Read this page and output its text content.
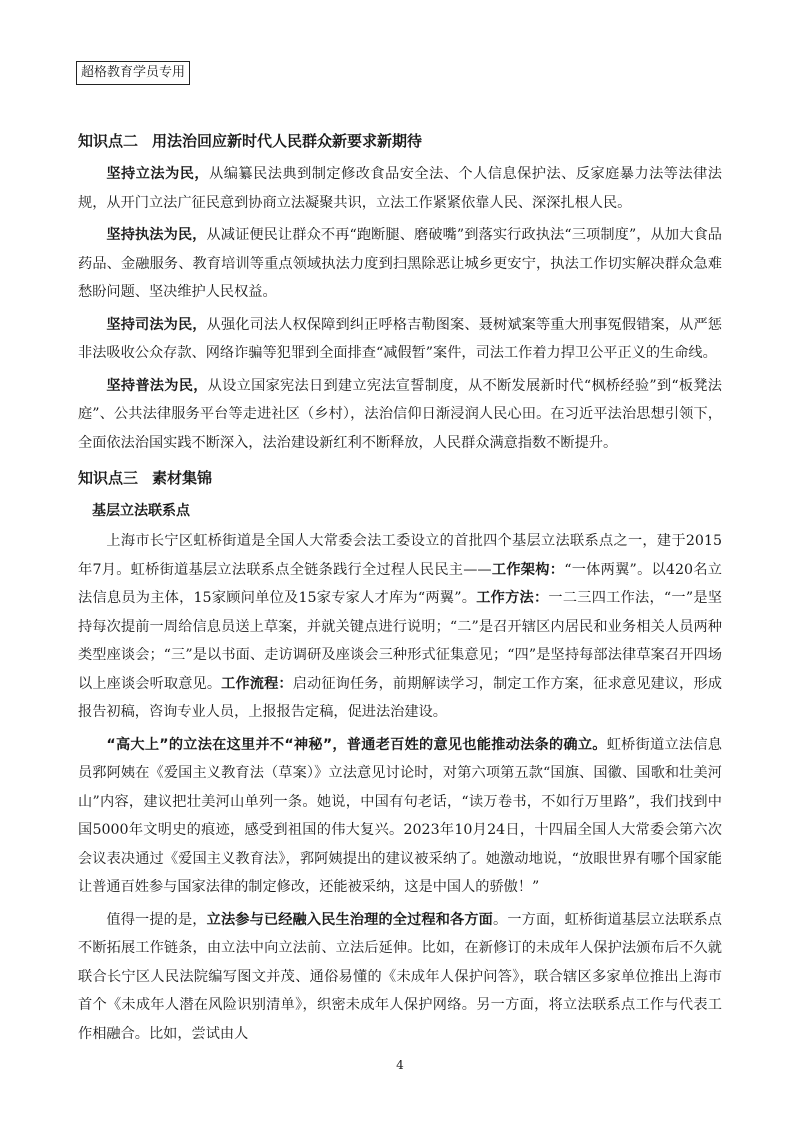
超格教育学员专用
知识点二 用法治回应新时代人民群众新要求新期待

坚持立法为民，从编纂民法典到制定修改食品安全法、个人信息保护法、反家庭暴力法等法律法规，从开门立法广征民意到协商立法凝聚共识，立法工作紧紧依靠人民、深深扎根人民。

坚持执法为民，从减证便民让群众不再“跑断腿、磨破嘴”到落实行政执法“三项制度”，从加大食品药品、金融服务、教育培训等重点领域执法力度到扫黑除恶让城乡更安宁，执法工作切实解决群众急难愁盼问题、坚决维护人民权益。

坚持司法为民，从强化司法人权保障到纠正呼格吉勒图案、聂树斌案等重大刑事冤假错案，从严惩非法吸收公众存款、网络诈骗等犯罪到全面排查“减假暂”案件，司法工作着力捍卫公平正义的生命线。

坚持普法为民，从设立国家宪法日到建立宪法宣誓制度，从不断发展新时代“枫桥经验”到“板凳法庭”、公共法律服务平台等走进社区（乡村），法治信仰日渐浸润人民心田。在习近平法治思想引领下，全面依法治国实践不断深入，法治建设新红利不断释放，人民群众满意指数不断提升。

知识点三 素材集锦
基层立法联系点

上海市长宁区虹桥街道是全国人大常委会法工委设立的首批四个基层立法联系点之一，建于2015年7月。虹桥街道基层立法联系点全链条践行全过程人民民主——工作架构：“一体两翼”。以420名立法信息员为主体，15家顾问单位及15家专家人才库为“两翼”。工作方法：一二三四工作法，“一”是坚持每次提前一周给信息员送上草案，并就关键点进行说明；“二”是召开辖区内居民和业务相关人员两种类型座谈会；“三”是以书面、走访调研及座谈会三种形式征集意见；“四”是坚持每部法律草案召开四场以上座谈会听取意见。工作流程：启动征询任务，前期解读学习，制定工作方案，征求意见建议，形成报告初稿，咨询专业人员，上报报告定稿，促进法治建设。

“高大上”的立法在这里并不“神秘”，普通老百姓的意见也能推动法条的确立。虹桥街道立法信息员郛阿姨在《爱国主义教育法（草案）》立法意见讨论时，对第六项第五款“国旗、国徽、国歌和壮美河山”内容，建议把壮美河山单列一条。她说，中国有句老话，“读万卷书，不如行万里路”，我们找到中国5000年文明史的痕迹，感受到祖国的伟大复兴。2023年10月24日，十四届全国人大常委会第六次会议表决通过《爱国主义教育法》，郛阿姨提出的建议被采纳了。她激动地说，“放眼世界有哪个国家能让普通百姓参与国家法律的制定修改，还能被采纳，这是中国人的骄傲！”

值得一提的是，立法参与已经融入民生治理的全过程和各方面。一方面，虹桥街道基层立法联系点不断拓展工作链条，由立法中向立法前、立法后延伸。比如，在新修订的未成年人保护法颁布后不久就联合长宁区人民法院编写图文并茂、通俗易懂的《未成年人保护问答》，联合辖区多家单位推出上海市首个《未成年人潜在风险识别清单》，织密未成年人保护网络。另一方面，将立法联系点工作与代表工作相融合。比如，尝试由人

4
